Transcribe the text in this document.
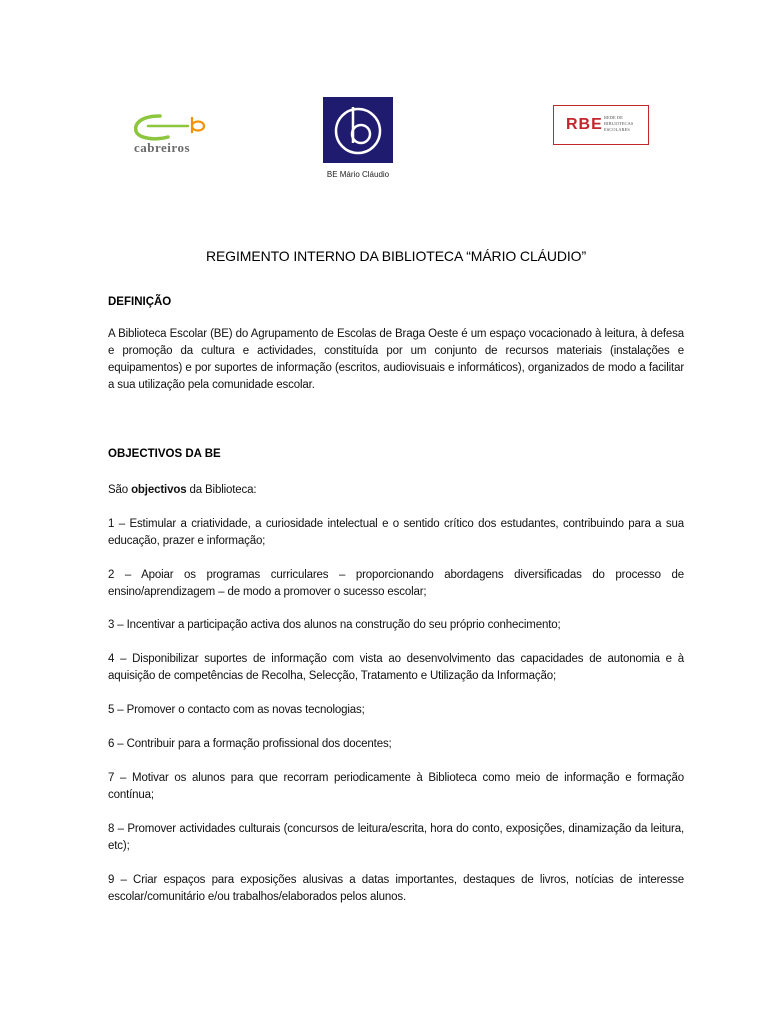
cabreiros
BE Mário Cláudio
RBE REDE DE BIBLIOTECAS ESCOLARES
REGIMENTO INTERNO DA BIBLIOTECA “MÁRIO CLÁUDIO”
DEFINIÇÃO
A Biblioteca Escolar (BE) do Agrupamento de Escolas de Braga Oeste é um espaço vocacionado à leitura, à defesa e promoção da cultura e actividades, constituída por um conjunto de recursos materiais (instalações e equipamentos) e por suportes de informação (escritos, audiovisuais e informáticos), organizados de modo a facilitar a sua utilização pela comunidade escolar.
OBJECTIVOS DA BE
São objectivos da Biblioteca:
1 – Estimular a criatividade, a curiosidade intelectual e o sentido crítico dos estudantes, contribuindo para a sua educação, prazer e informação;
2 – Apoiar os programas curriculares – proporcionando abordagens diversificadas do processo de ensino/aprendizagem – de modo a promover o sucesso escolar;
3 – Incentivar a participação activa dos alunos na construção do seu próprio conhecimento;
4 – Disponibilizar suportes de informação com vista ao desenvolvimento das capacidades de autonomia e à aquisição de competências de Recolha, Selecção, Tratamento e Utilização da Informação;
5 – Promover o contacto com as novas tecnologias;
6 – Contribuir para a formação profissional dos docentes;
7 – Motivar os alunos para que recorram periodicamente à Biblioteca como meio de informação e formação contínua;
8 – Promover actividades culturais (concursos de leitura/escrita, hora do conto, exposições, dinamização da leitura, etc);
9 – Criar espaços para exposições alusivas a datas importantes, destaques de livros, notícias de interesse escolar/comunitário e/ou trabalhos/elaborados pelos alunos.
